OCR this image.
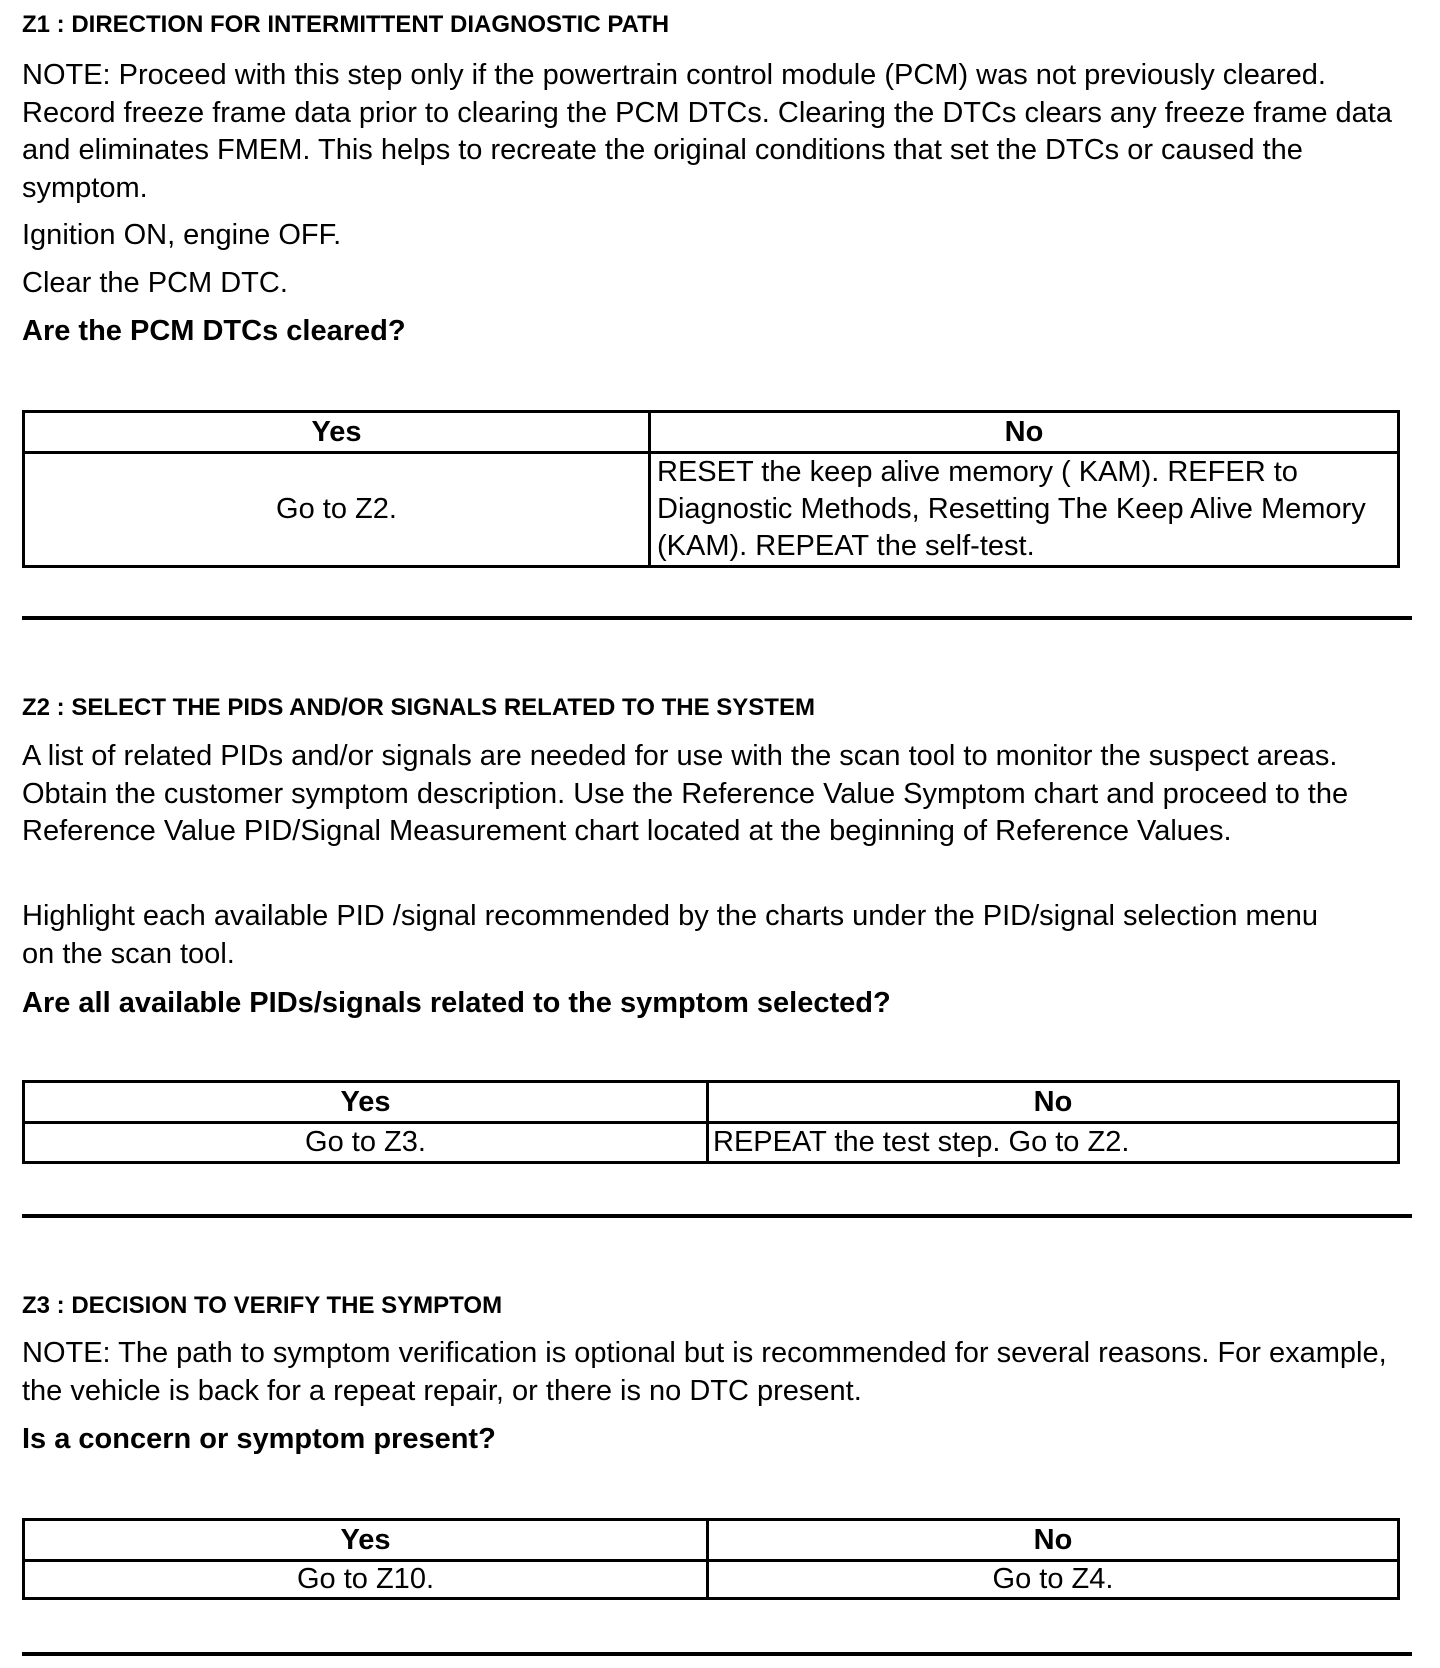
Z1 : DIRECTION FOR INTERMITTENT DIAGNOSTIC PATH

NOTE: Proceed with this step only if the powertrain control module (PCM) was not previously cleared. Record freeze frame data prior to clearing the PCM DTCs. Clearing the DTCs clears any freeze frame data and eliminates FMEM. This helps to recreate the original conditions that set the DTCs or caused the symptom.

Ignition ON, engine OFF.

Clear the PCM DTC.

Are the PCM DTCs cleared?

Yes	No
Go to Z2.	RESET the keep alive memory ( KAM). REFER to Diagnostic Methods, Resetting The Keep Alive Memory (KAM). REPEAT the self-test.
Z2 : SELECT THE PIDS AND/OR SIGNALS RELATED TO THE SYSTEM

A list of related PIDs and/or signals are needed for use with the scan tool to monitor the suspect areas. Obtain the customer symptom description. Use the Reference Value Symptom chart and proceed to the Reference Value PID/Signal Measurement chart located at the beginning of Reference Values.

Highlight each available PID /signal recommended by the charts under the PID/signal selection menu on the scan tool.

Are all available PIDs/signals related to the symptom selected?

Yes	No
Go to Z3.	REPEAT the test step. Go to Z2.
Z3 : DECISION TO VERIFY THE SYMPTOM

NOTE: The path to symptom verification is optional but is recommended for several reasons. For example, the vehicle is back for a repeat repair, or there is no DTC present.

Is a concern or symptom present?

Yes	No
Go to Z10.	Go to Z4.
